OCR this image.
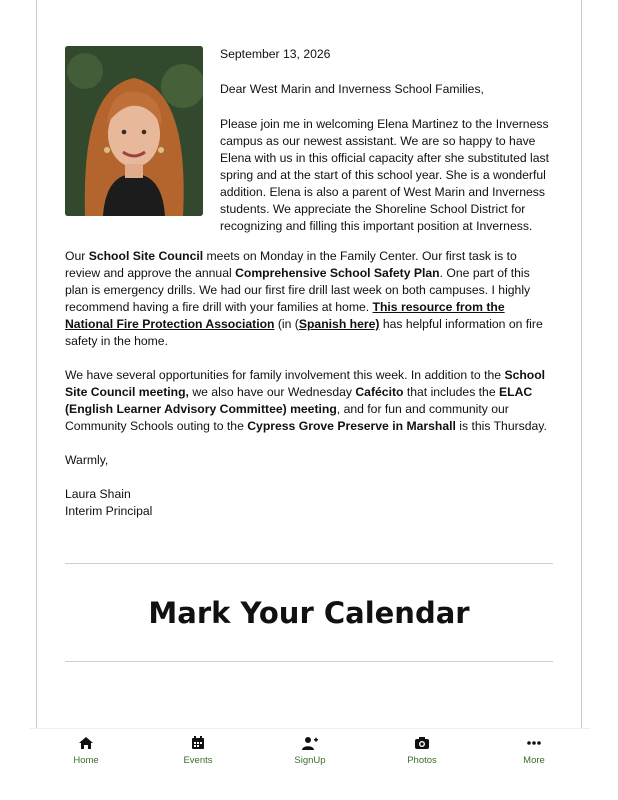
September 13, 2026

Dear West Marin and Inverness School Families,

Please join me in welcoming Elena Martinez to the Inverness campus as our newest assistant. We are so happy to have Elena with us in this official capacity after she substituted last spring and at the start of this school year. She is a wonderful addition. Elena is also a parent of West Marin and Inverness students. We appreciate the Shoreline School District for recognizing and filling this important position at Inverness.

Our School Site Council meets on Monday in the Family Center. Our first task is to review and approve the annual Comprehensive School Safety Plan. One part of this plan is emergency drills. We had our first fire drill last week on both campuses. I highly recommend having a fire drill with your families at home. This resource from the National Fire Protection Association (in (Spanish here) has helpful information on fire safety in the home.

We have several opportunities for family involvement this week. In addition to the School Site Council meeting, we also have our Wednesday Cafécito that includes the ELAC (English Learner Advisory Committee) meeting, and for fun and community our Community Schools outing to the Cypress Grove Preserve in Marshall is this Thursday.

Warmly,

Laura Shain
Interim Principal

Mark Your Calendar
Home	Events	SignUp	Photos	More
